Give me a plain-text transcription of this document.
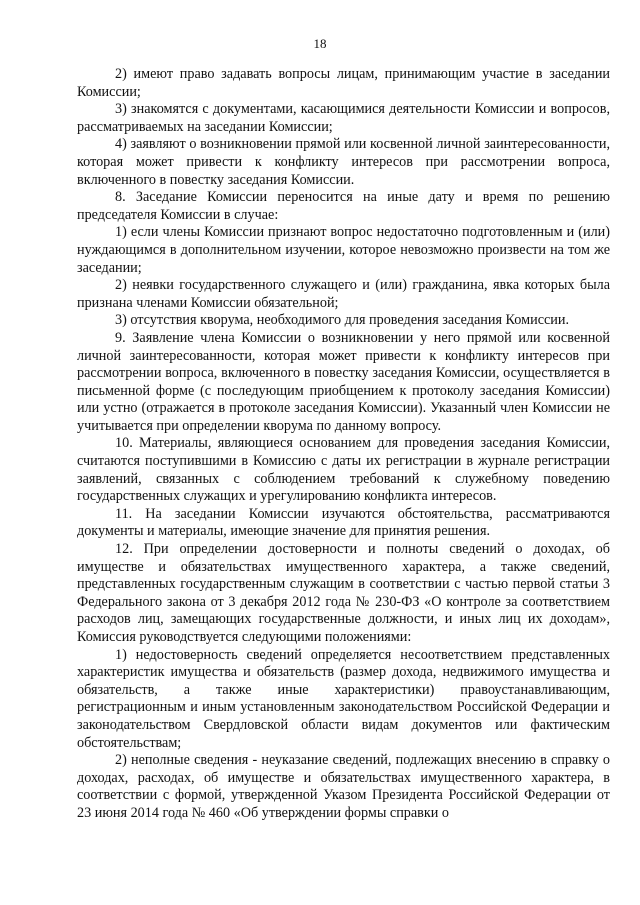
18

2) имеют право задавать вопросы лицам, принимающим участие в заседании Комиссии;

3) знакомятся с документами, касающимися деятельности Комиссии и вопросов, рассматриваемых на заседании Комиссии;

4) заявляют о возникновении прямой или косвенной личной заинтересованности, которая может привести к конфликту интересов при рассмотрении вопроса, включенного в повестку заседания Комиссии.

8. Заседание Комиссии переносится на иные дату и время по решению председателя Комиссии в случае:

1) если члены Комиссии признают вопрос недостаточно подготовленным и (или) нуждающимся в дополнительном изучении, которое невозможно произвести на том же заседании;

2) неявки государственного служащего и (или) гражданина, явка которых была признана членами Комиссии обязательной;

3) отсутствия кворума, необходимого для проведения заседания Комиссии.

9. Заявление члена Комиссии о возникновении у него прямой или косвенной личной заинтересованности, которая может привести к конфликту интересов при рассмотрении вопроса, включенного в повестку заседания Комиссии, осуществляется в письменной форме (с последующим приобщением к протоколу заседания Комиссии) или устно (отражается в протоколе заседания Комиссии). Указанный член Комиссии не учитывается при определении кворума по данному вопросу.

10. Материалы, являющиеся основанием для проведения заседания Комиссии, считаются поступившими в Комиссию с даты их регистрации в журнале регистрации заявлений, связанных с соблюдением требований к служебному поведению государственных служащих и урегулированию конфликта интересов.

11. На заседании Комиссии изучаются обстоятельства, рассматриваются документы и материалы, имеющие значение для принятия решения.

12. При определении достоверности и полноты сведений о доходах, об имуществе и обязательствах имущественного характера, а также сведений, представленных государственным служащим в соответствии с частью первой статьи 3 Федерального закона от 3 декабря 2012 года № 230-ФЗ «О контроле за соответствием расходов лиц, замещающих государственные должности, и иных лиц их доходам», Комиссия руководствуется следующими положениями:

1) недостоверность сведений определяется несоответствием представленных характеристик имущества и обязательств (размер дохода, недвижимого имущества и обязательств, а также иные характеристики) правоустанавливающим, регистрационным и иным установленным законодательством Российской Федерации и законодательством Свердловской области видам документов или фактическим обстоятельствам;

2) неполные сведения - неуказание сведений, подлежащих внесению в справку о доходах, расходах, об имуществе и обязательствах имущественного характера, в соответствии с формой, утвержденной Указом Президента Российской Федерации от 23 июня 2014 года № 460 «Об утверждении формы справки о
